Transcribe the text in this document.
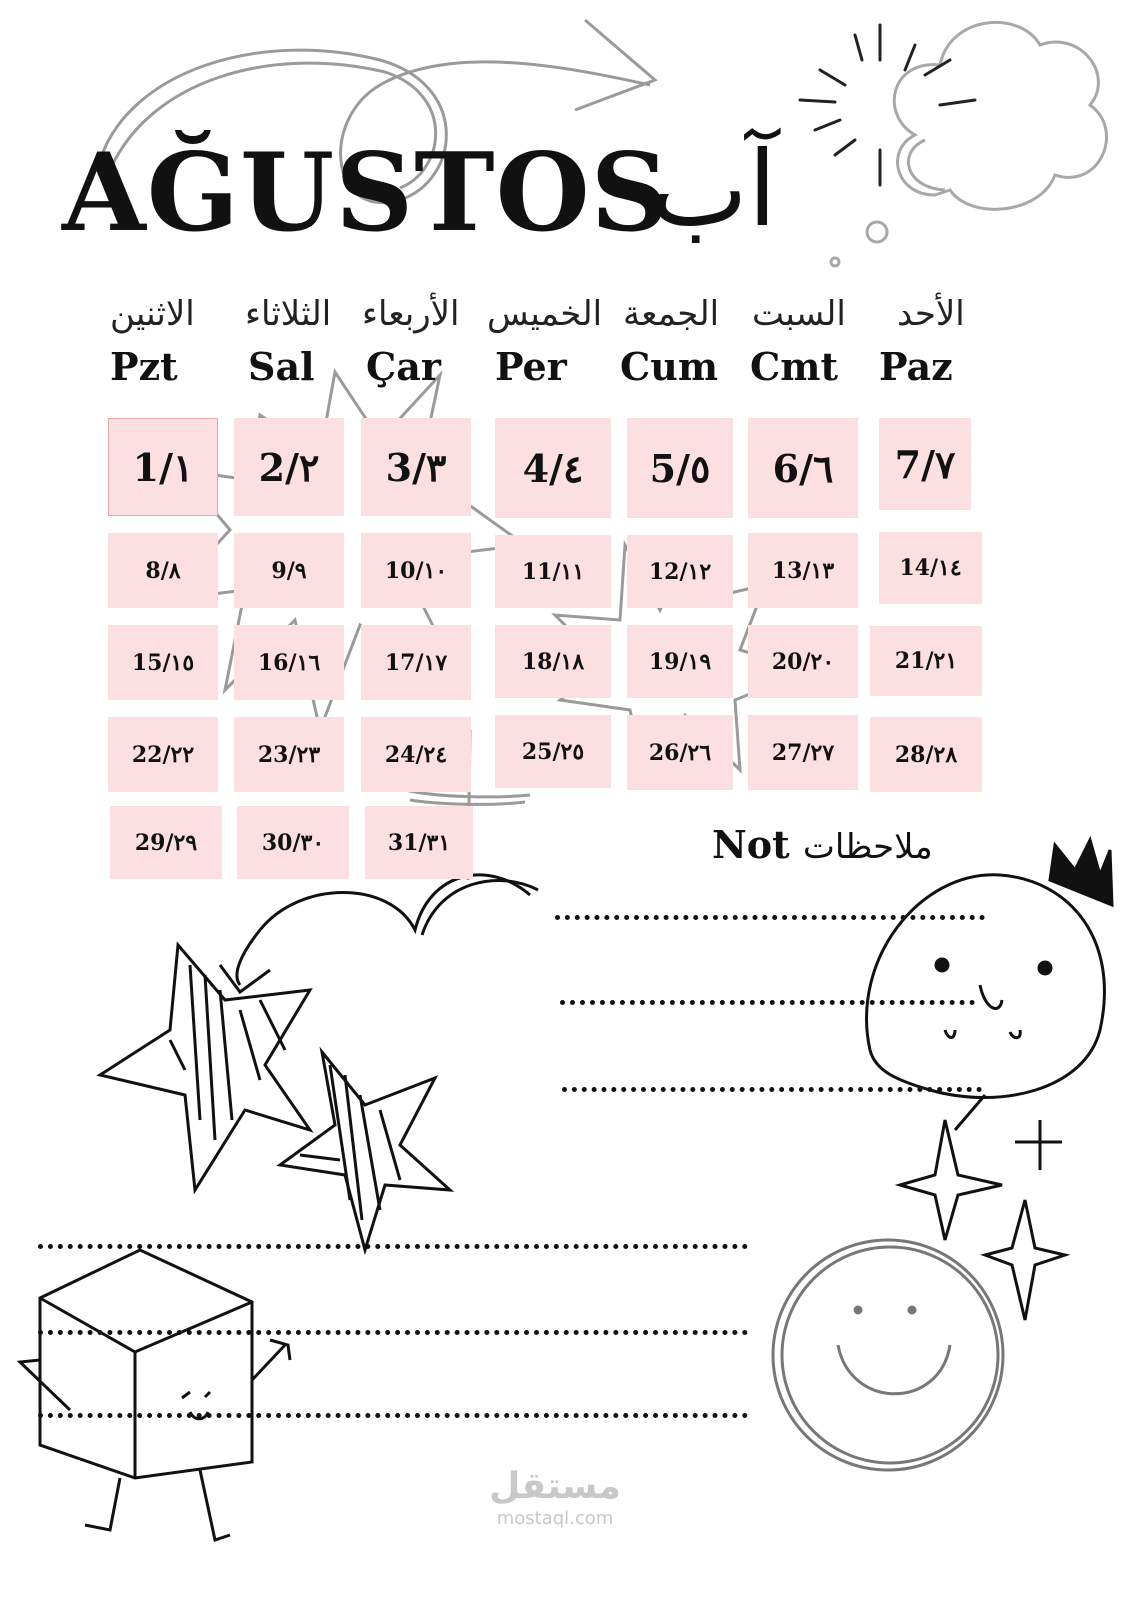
AĞUSTOS
آب
الاثنين الثلاثاء الأربعاء الخميس الجمعة السبت الأحد
Pzt Sal Çar Per Cum Cmt Paz
1/١	2/٢	3/٣	4/٤	5/٥	6/٦	7/٧
8/٨	9/٩	10/١٠	11/١١	12/١٢	13/١٣	14/١٤
15/١٥	16/١٦	17/١٧	18/١٨	19/١٩	20/٢٠	21/٢١
22/٢٢	23/٢٣	24/٢٤	25/٢٥	26/٢٦	27/٢٧	28/٢٨
29/٢٩	30/٣٠	31/٣١	Not ملاحظات
مستقل
mostaql.com
